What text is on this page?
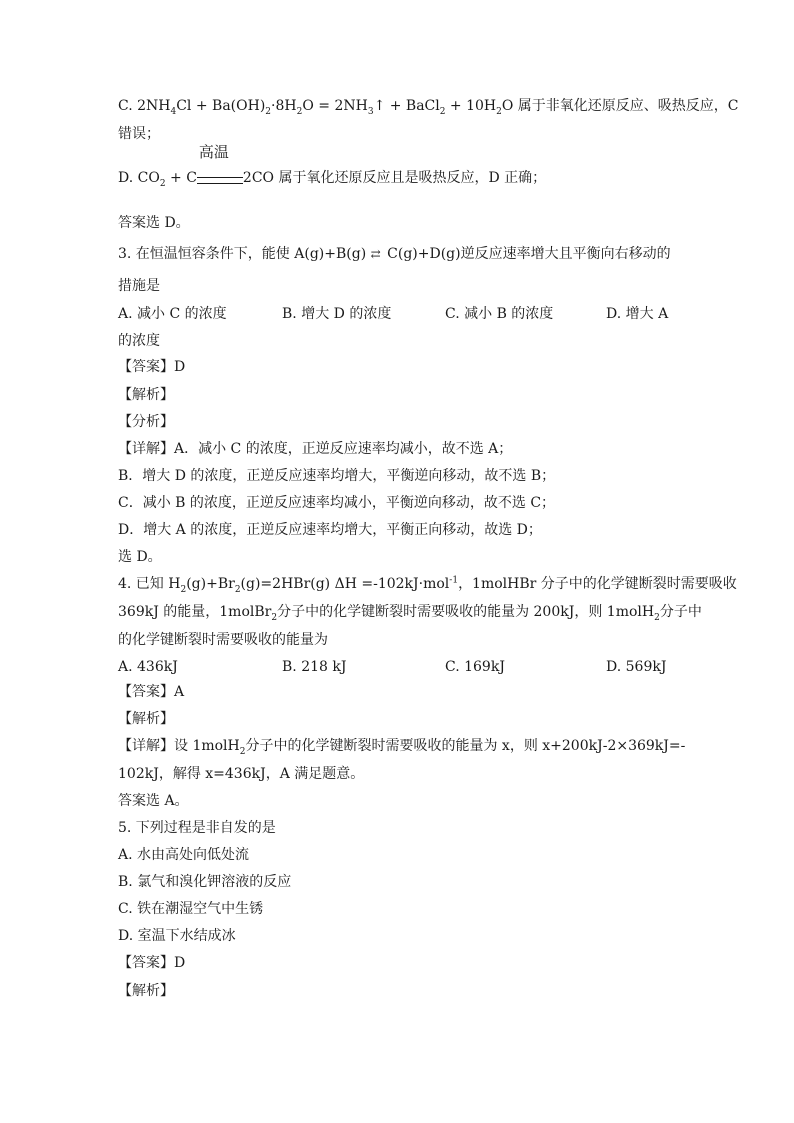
C. $2NH_4Cl + Ba(OH)_2\cdot 8H_2O$ = $2NH_3↑$ + BaCl$_2$ + $10H_2O$ 属于非氧化还原反应、吸热反应，C
错误；
D. $CO_2 + C$
高温
2CO 属于氧化还原反应且是吸热反应，D 正确；
答案选 D。
3. 在恒温恒容条件下，能使 A(g)+B(g) ⇄ C(g)+D(g)逆反应速率增大且平衡向右移动的
措施是
A. 减小 C 的浓度	B. 增大 D 的浓度	C. 减小 B 的浓度	D. 增大 A
的浓度
【答案】D
【解析】
【分析】
【详解】A．减小 C 的浓度，正逆反应速率均减小，故不选 A；
B．增大 D 的浓度，正逆反应速率均增大，平衡逆向移动，故不选 B；
C．减小 B 的浓度，正逆反应速率均减小，平衡逆向移动，故不选 C；
D．增大 A 的浓度，正逆反应速率均增大，平衡正向移动，故选 D；
选 D。
4. 已知 $H_2(g)+Br_2(g)=2HBr(g)$ ΔH =-102kJ·mol$^{-1}$，1molHBr 分子中的化学键断裂时需要吸收
369kJ 的能量，1molBr$_2$分子中的化学键断裂时需要吸收的能量为 200kJ，则 1molH$_2$分子中
的化学键断裂时需要吸收的能量为
A. 436kJ	B. 218 kJ	C. 169kJ	D. 569kJ
【答案】A
【解析】
【详解】设 1molH$_2$分子中的化学键断裂时需要吸收的能量为 x，则 x+200kJ-2×369kJ=-
102kJ，解得 x=436kJ，A 满足题意。
答案选 A。
5. 下列过程是非自发的是
A. 水由高处向低处流
B. 氯气和溴化钾溶液的反应
C. 铁在潮湿空气中生锈
D. 室温下水结成冰
【答案】D
【解析】
